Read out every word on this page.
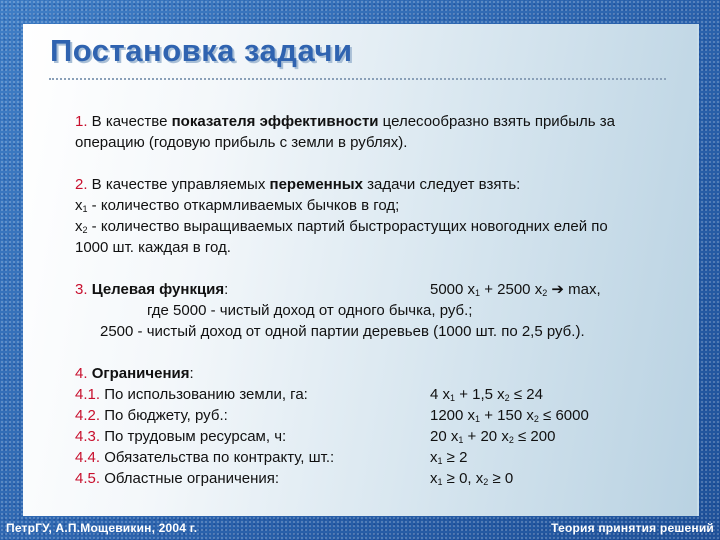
Постановка задачи

1. В качестве показателя эффективности целесообразно взять прибыль за

операцию (годовую прибыль с земли в рублях).

2. В качестве управляемых переменных задачи следует взять:

$x_1$ - количество откармливаемых бычков в год;

$x_2$ - количество выращиваемых партий быстрорастущих новогодних елей по

1000 шт. каждая в год.

3. Целевая функция:	5000 $x_1 + 2500$ $x_2$ ➔ max,

где 5000 - чистый доход от одного бычка, руб.;

2500 - чистый доход от одной партии деревьев (1000 шт. по 2,5 руб.).

4. Ограничения:

4.1. По использованию земли, га:	4 $x_1 + 1,5$ $x_2 \le 24$
4.2. По бюджету, руб.:	1200 $x_1 + 150$ $x_2 \le 6000$
4.3. По трудовым ресурсам, ч:	20 $x_1 + 20$ $x_2 \le 200$
4.4. Обязательства по контракту, шт.:	$x_1 \ge 2$
4.5. Областные ограничения:	$x_1 \ge 0$, $x_2 \ge 0$
ПетрГУ, А.П.Мощевикин, 2004 г.	Теория принятия решений
